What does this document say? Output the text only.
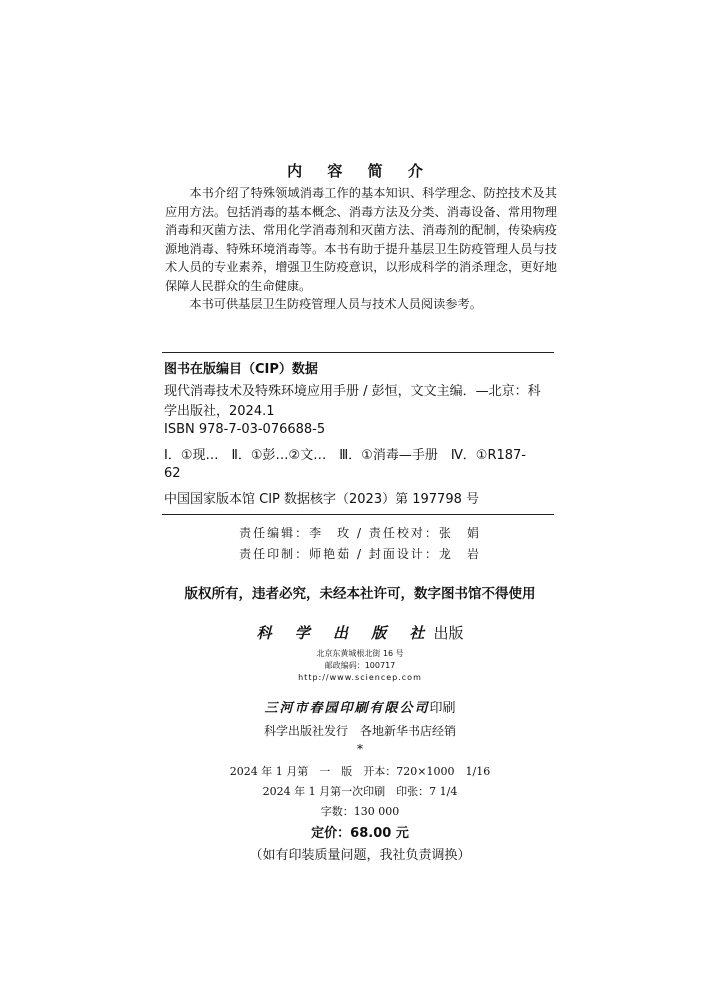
内 容 简 介
本书介绍了特殊领域消毒工作的基本知识、科学理念、防控技术及其应用方法。包括消毒的基本概念、消毒方法及分类、消毒设备、常用物理消毒和灭菌方法、常用化学消毒剂和灭菌方法、消毒剂的配制，传染病疫源地消毒、特殊环境消毒等。本书有助于提升基层卫生防疫管理人员与技术人员的专业素养，增强卫生防疫意识，以形成科学的消杀理念，更好地保障人民群众的生命健康。
本书可供基层卫生防疫管理人员与技术人员阅读参考。
图书在版编目（CIP）数据
现代消毒技术及特殊环境应用手册 / 彭恒，文文主编．—北京：科
学出版社，2024.1
ISBN 978-7-03-076688-5
Ⅰ．①现…　Ⅱ．①彭…②文…　Ⅲ．①消毒—手册　Ⅳ．①R187-
62
中国国家版本馆 CIP 数据核字（2023）第 197798 号
责任编辑：李　玫 / 责任校对：张　娟
责任印制：师艳茹 / 封面设计：龙　岩
版权所有，违者必究，未经本社许可，数字图书馆不得使用
科 学 出 版 社出版
北京东黄城根北街 16 号
邮政编码：100717
http://www.sciencep.com
三河市春园印刷有限公司印刷
科学出版社发行　各地新华书店经销
*
2024 年 1 月第　一　版　开本：720×1000　1/16
2024 年 1 月第一次印刷　印张：7 1/4
字数：130 000
定价：68.00 元
（如有印装质量问题，我社负责调换）
